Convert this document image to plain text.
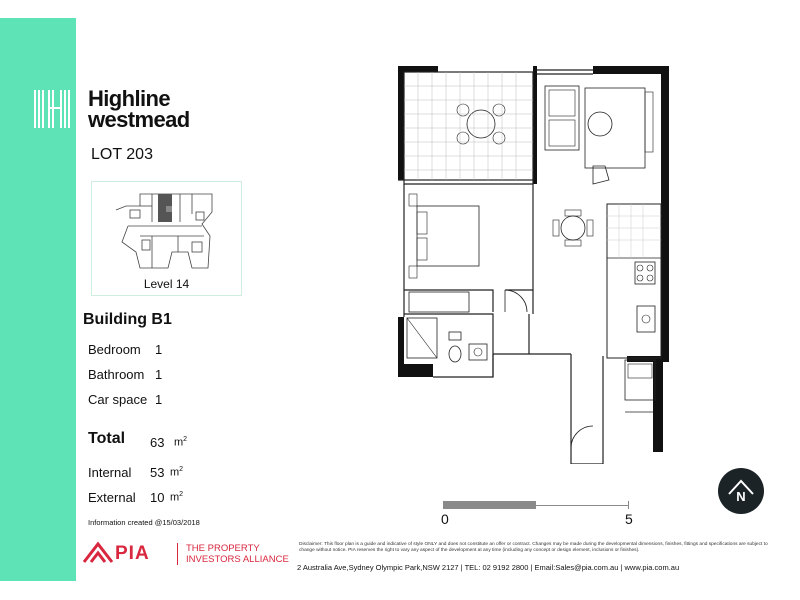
Highline
westmead
LOT 203
Level 14
Building B1
Bedroom 1
Bathroom 1
Car space 1
Total 63 $m^2$
Internal 53 $m^2$
External 10 $m^2$
Information created @15/03/2018	0	5
N
PIA	THE PROPERTY
INVESTORS ALLIANCE
Disclaimer: This floor plan is a guide and indicative of style ONLY and does not constitute an offer or contract. Changes may be made during the developmental dimensions, finishes, fittings and specifications are subject to change without notice. PIA reserves the right to vary any aspect of the development at any time (including any concept or design element, inclusions or finishes).
2 Australia Ave,Sydney Olympic Park,NSW 2127 | TEL: 02 9192 2800 | Email:Sales@pia.com.au | www.pia.com.au
